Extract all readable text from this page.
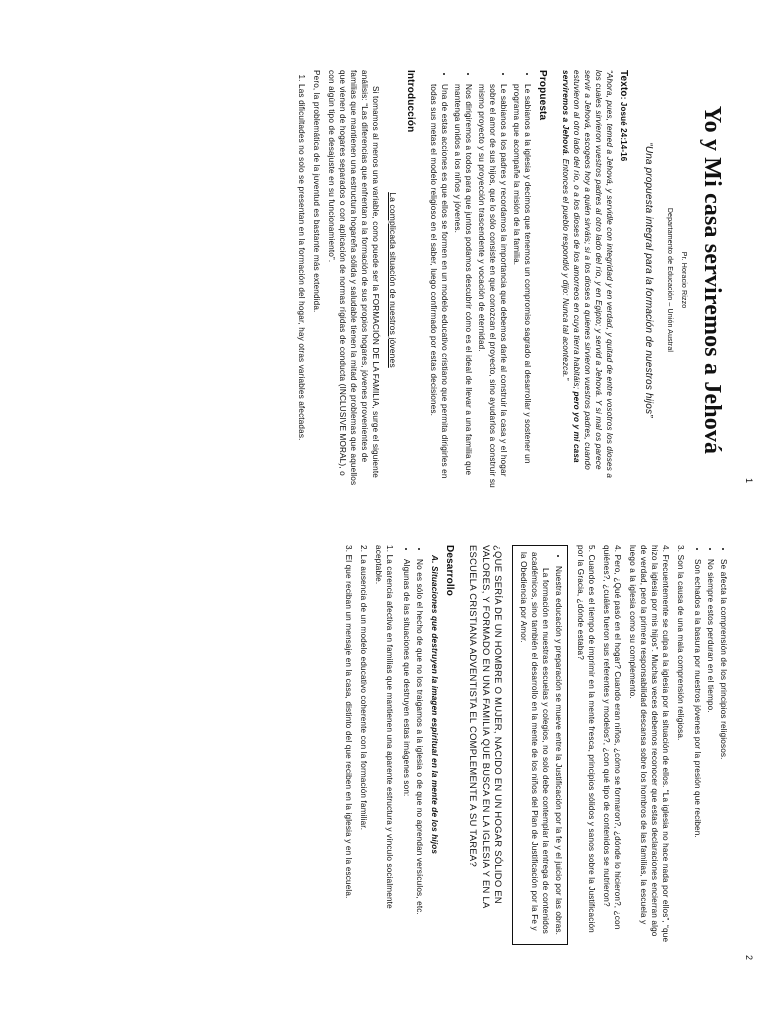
1
2
Yo y Mi casa serviremos a Jehová
Pr. Horacio Rizzo
Departamento de Educación – Unión Austral
“Una propuesta integral para la formación de nuestros hijos”
Texto: Josué 24:14-16

“Ahora, pues, temed a Jehová, y servidle con integridad y en verdad, y quitad de entre vosotros los dioses a los cuales sirvieron vuestros padres al otro lado del río, y en Egipto; y servid a Jehová. Y si mal os parece servir a Jehová, escogeos hoy a quién sirváis; si a los dioses a quienes sirvieron vuestros padres, cuando estuvieron al otro lado del río, o a los dioses de los amorreos en cuya tierra habitáis; pero yo y mi casa serviremos a Jehová. Entonces el pueblo respondió y dijo: Nunca tal acontezca.”

Propuesta
• Le sabianos a la iglesia y decimos que tenemos un compromiso sagrado al desarrollar y sostener un programa que acompañe la misión de la familia.
• Le sabianos a los padres y recordamos la importancia que debemos darle al construir la casa y el hogar sobre el amor de sus hijos, que lo sólo consiste en que conozcan el proyecto, sino ayudarlos a construir su mismo proyecto y su proyección trascendente y vocación de eternidad.
• Nos dirigiremos a todos para que juntos podamos descubrir cómo es el ideal de llevar a una familia que mantenga unidos a los niños y jóvenes.
• Una de estas acciones es que ellos se formen en un modelo educativo cristiano que permita dirigirles en todas sus metas el modelo religioso en el saber, luego confirmado por estas decisiones.
Introducción
La complicada situación de nuestros jóvenes

Si tomamos al menos una variable, como puede ser la FORMACIÓN DE LA FAMILIA, surge el siguiente análisis: “Las diferencias que enfrentan a la formación de sus propios hogares, jóvenes provenientes de familias que mantienen una estructura hogareña sólida y saludable tienen la mitad de problemas que aquellos que vienen de hogares separados o con aplicación de normas rígidas de conducta (INCLUSIVE MORAL), o con algún tipo de desajuste en su funcionamiento”.

Pero, la problemática de la juventud es bastante más extendida.

1. Las dificultades no solo se presentan en la formación del hogar, hay otras variables afectadas.
• Se afecta la comprensión de los principios religiosos.
• No siempre estos perduran en el tiempo.
• Son echados a la basura por nuestros jóvenes por la presión que reciben.

3. Son la causa de una mala comprensión religiosa.

4. Frecuentemente se culpa a la iglesia por la situación de ellos. “La iglesia no hace nada por ellos”, “que hizo la iglesia por mis hijos”. Muchas veces debemos reconocer que estas declaraciones encierran algo de verdad, pero la primera responsabilidad descansa sobre los hombros de las familias, la escuela y luego a la iglesia como su complemento.

4. Pero, ¿Qué pasó en el hogar? Cuando eran niños, ¿cómo se formaron?, ¿dónde lo hicieron?, ¿con quiénes?, ¿cuáles fueron sus referentes y modelos?, ¿con qué tipo de contenidos se nutrieron?

5. Cuando es el tiempo de imprimir en la mente fresca, principios sólidos y sanos sobre la Justificación por la Gracia, ¿dónde estaba?

• Nuestra educación y preparación se mueve entre la Justificación por la fe y el juicio por las obras.

La formación en nuestras escuelas y colegios, no solo debe contemplar la entrega de contenidos académicos, sino también el desarrollo en la mente de los niños del Plan de Justificación por la Fe y la Obediencia por Amor.

¿QUE SERÍA DE UN HOMBRE O MUJER, NACIDO EN UN HOGAR SÓLIDO EN VALORES, Y FORMADO EN UNA FAMILIA QUE BUSCA EN LA IGLESIA Y EN LA ESCUELA CRISTIANA ADVENTISTA EL COMPLEMENTE A SU TAREA?
Desarrollo
A. Situaciones que destruyen la imagen espiritual en la mente de los hijos
• No es sólo el hecho de que no los traigamos a la iglesia o de que no aprendan versículos, etc.
• Algunas de las situaciones que destruyen estas imágenes son:

1. La carencia afectiva en familias que mantienen una aparente estructura y vínculo socialmente aceptable.

2. La ausencia de un modelo educativo coherente con la formación familiar.

3. El que reciban un mensaje en la casa, distinto del que reciben en la iglesia y en la escuela.
